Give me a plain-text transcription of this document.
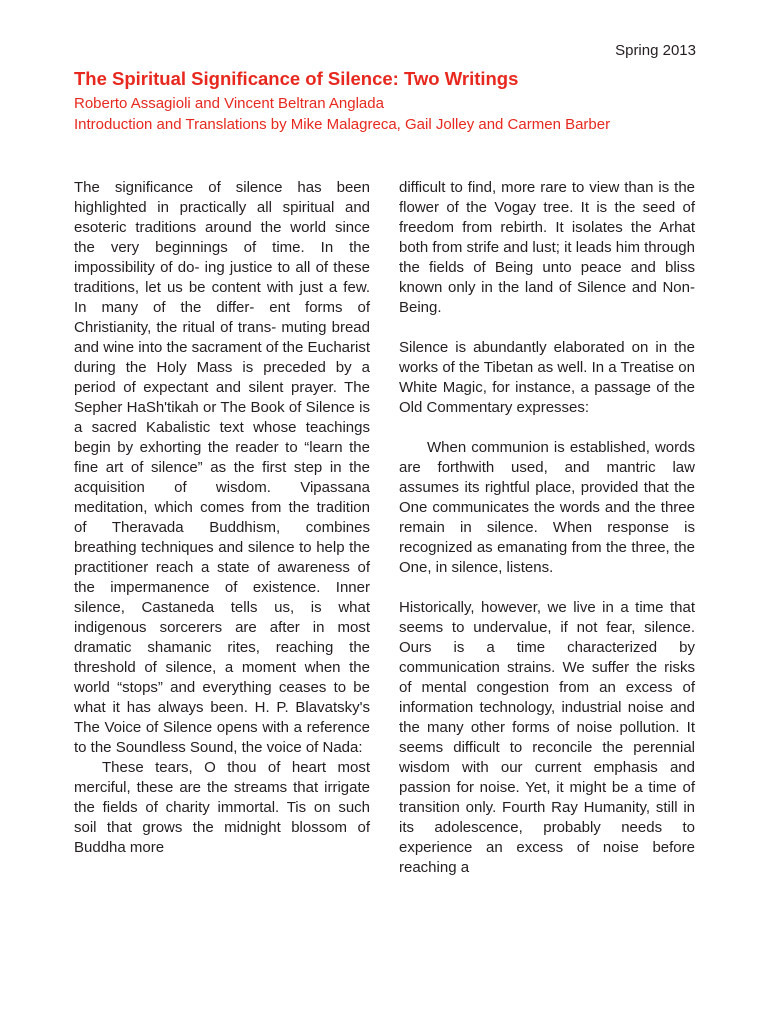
Spring 2013
The Spiritual Significance of Silence: Two Writings
Roberto Assagioli and Vincent Beltran Anglada
Introduction and Translations by Mike Malagreca, Gail Jolley and Carmen Barber

The significance of silence has been highlighted in practically all spiritual and esoteric traditions around the world since the very beginnings of time. In the impossibility of do- ing justice to all of these traditions, let us be content with just a few. In many of the differ- ent forms of Christianity, the ritual of trans- muting bread and wine into the sacrament of the Eucharist during the Holy Mass is preceded by a period of expectant and silent prayer. The Sepher HaSh'tikah or The Book of Silence is a sacred Kabalistic text whose teachings begin by exhorting the reader to “learn the fine art of silence” as the first step in the acquisition of wisdom. Vipassana meditation, which comes from the tradition of Theravada Buddhism, combines breathing techniques and silence to help the practitioner reach a state of awareness of the impermanence of existence. Inner silence, Castaneda tells us, is what indigenous sorcerers are after in most dramatic shamanic rites, reaching the threshold of silence, a moment when the world “stops” and everything ceases to be what it has always been. H. P. Blavatsky's The Voice of Silence opens with a reference to the Soundless Sound, the voice of Nada:

These tears, O thou of heart most merciful, these are the streams that irrigate the fields of charity immortal. Tis on such soil that grows the midnight blossom of Buddha more

difficult to find, more rare to view than is the flower of the Vogay tree. It is the seed of freedom from rebirth. It isolates the Arhat both from strife and lust; it leads him through the fields of Being unto peace and bliss known only in the land of Silence and Non-Being.

Silence is abundantly elaborated on in the works of the Tibetan as well. In a Treatise on White Magic, for instance, a passage of the Old Commentary expresses:

When communion is established, words are forthwith used, and mantric law assumes its rightful place, provided that the One communicates the words and the three remain in silence. When response is recognized as emanating from the three, the One, in silence, listens.

Historically, however, we live in a time that seems to undervalue, if not fear, silence. Ours is a time characterized by communication strains. We suffer the risks of mental congestion from an excess of information technology, industrial noise and the many other forms of noise pollution. It seems difficult to reconcile the perennial wisdom with our current emphasis and passion for noise. Yet, it might be a time of transition only. Fourth Ray Humanity, still in its adolescence, probably needs to experience an excess of noise before reaching a
